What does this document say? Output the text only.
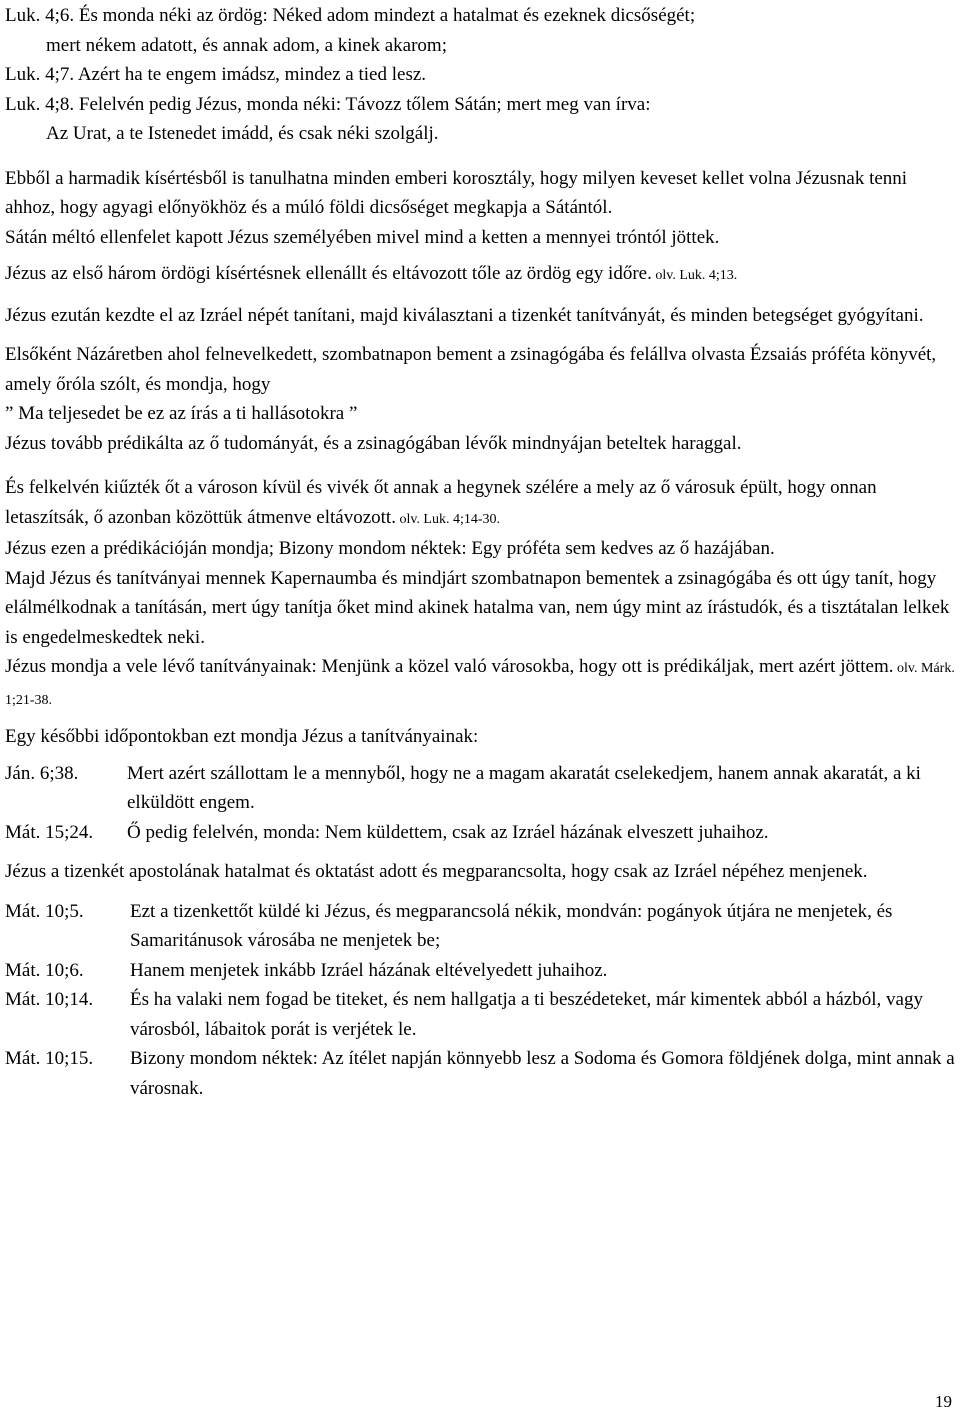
Luk. 4;6. És monda néki az ördög: Néked adom mindezt a hatalmat és ezeknek dicsőségét;

mert nékem adatott, és annak adom, a kinek akarom;

Luk. 4;7. Azért ha te engem imádsz, mindez a tied lesz.

Luk. 4;8. Felelvén pedig Jézus, monda néki: Távozz tőlem Sátán; mert meg van írva:

Az Urat, a te Istenedet imádd, és csak néki szolgálj.

Ebből a harmadik kísértésből is tanulhatna minden emberi korosztály, hogy milyen keveset kellet volna Jézusnak tenni ahhoz, hogy agyagi előnyökhöz és a múló földi dicsőséget megkapja a Sátántól.

Sátán méltó ellenfelet kapott Jézus személyében mivel mind a ketten a mennyei tróntól jöttek.

Jézus az első három ördögi kísértésnek ellenállt és eltávozott tőle az ördög egy időre. olv. Luk. 4;13.

Jézus ezután kezdte el az Izráel népét tanítani, majd kiválasztani a tizenkét tanítványát, és minden betegséget gyógyítani.

Elsőként Názáretben ahol felnevelkedett, szombatnapon bement a zsinagógába és felállva olvasta Ézsaiás próféta könyvét, amely őróla szólt, és mondja, hogy

” Ma teljesedet be ez az írás a ti hallásotokra ”

Jézus tovább prédikálta az ő tudományát, és a zsinagógában lévők mindnyájan beteltek haraggal.

És felkelvén kiűzték őt a városon kívül és vivék őt annak a hegynek szélére a mely az ő városuk épült, hogy onnan letaszítsák, ő azonban közöttük átmenve eltávozott. olv. Luk. 4;14-30.

Jézus ezen a prédikációján mondja; Bizony mondom néktek: Egy próféta sem kedves az ő hazájában.

Majd Jézus és tanítványai mennek Kapernaumba és mindjárt szombatnapon bementek a zsinagógába és ott úgy tanít, hogy elálmélkodnak a tanításán, mert úgy tanítja őket mind akinek hatalma van, nem úgy mint az írástudók, és a tisztátalan lelkek is engedelmeskedtek neki.

Jézus mondja a vele lévő tanítványainak: Menjünk a közel való városokba, hogy ott is prédikáljak, mert azért jöttem. olv. Márk. 1;21-38.

Egy későbbi időpontokban ezt mondja Jézus a tanítványainak:

Ján. 6;38.	Mert azért szállottam le a mennyből, hogy ne a magam akaratát cselekedjem, hanem annak akaratát, a ki elküldött engem.
Mát. 15;24.	Ő pedig felelvén, monda: Nem küldettem, csak az Izráel házának elveszett juhaihoz.

Jézus a tizenkét apostolának hatalmat és oktatást adott és megparancsolta, hogy csak az Izráel népéhez menjenek.

Mát. 10;5.	Ezt a tizenkettőt küldé ki Jézus, és megparancsolá nékik, mondván: pogányok útjára ne menjetek, és Samaritánusok városába ne menjetek be;
Mát. 10;6.	Hanem menjetek inkább Izráel házának eltévelyedett juhaihoz.
Mát. 10;14.	És ha valaki nem fogad be titeket, és nem hallgatja a ti beszédeteket, már kimentek abból a házból, vagy városból, lábaitok porát is verjétek le.
Mát. 10;15.	Bizony mondom néktek: Az ítélet napján könnyebb lesz a Sodoma és Gomora földjének dolga, mint annak a városnak.
19
